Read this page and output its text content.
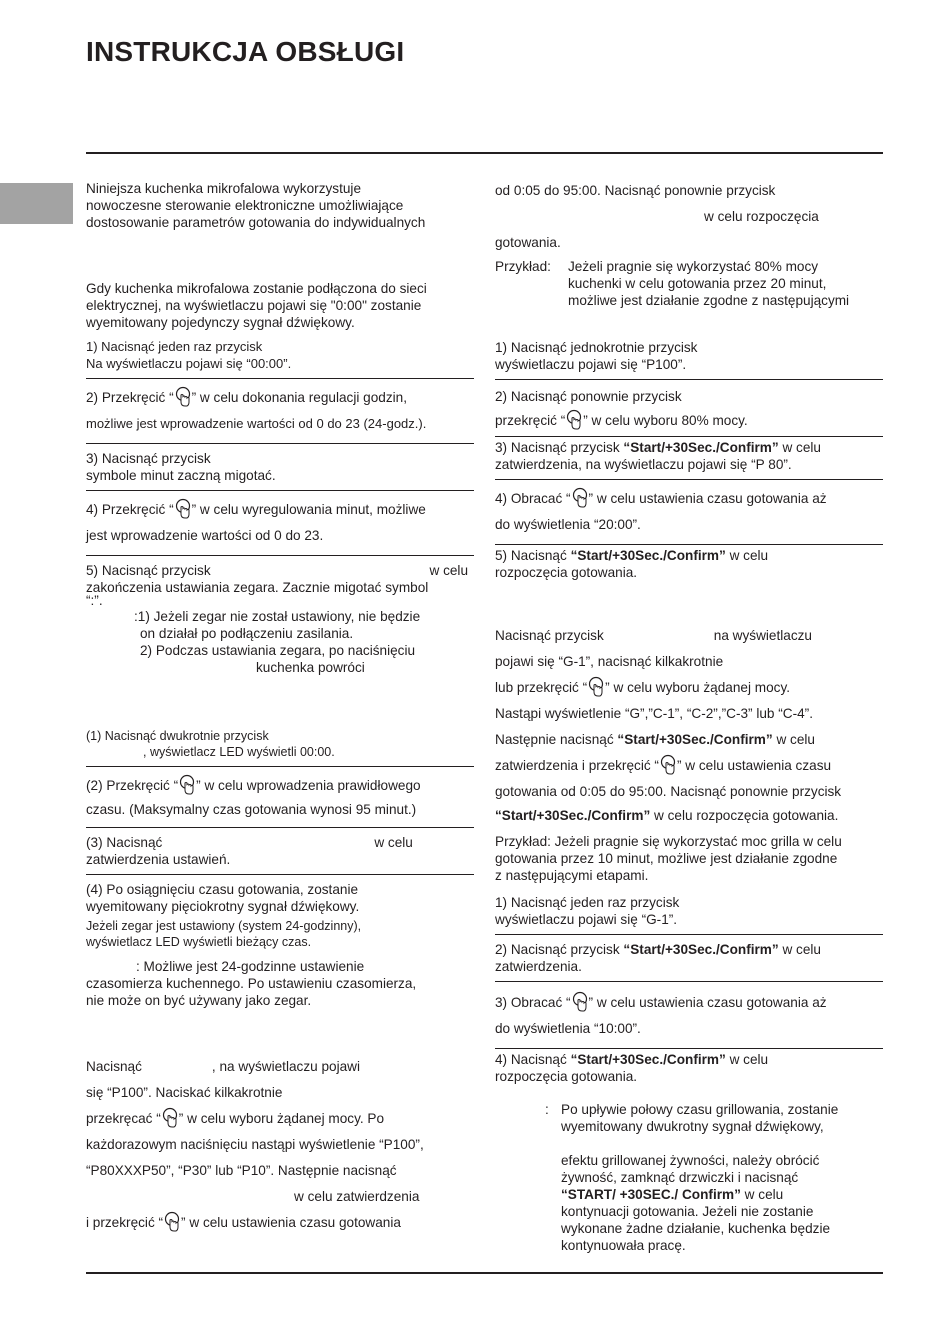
INSTRUKCJA OBSŁUGI

Niniejsza kuchenka mikrofalowa wykorzystuje
nowoczesne sterowanie elektroniczne umożliwiające
dostosowanie parametrów gotowania do indywidualnych

Gdy kuchenka mikrofalowa zostanie podłączona do sieci
elektrycznej, na wyświetlaczu pojawi się "0:00" zostanie
wyemitowany pojedynczy sygnał dźwiękowy.

1) Nacisnąć jeden raz przycisk
Na wyświetlaczu pojawi się “00:00”.
2) Przekręcić “ ” w celu dokonania regulacji godzin,
możliwe jest wprowadzenie wartości od 0 do 23 (24-godz.).
3) Nacisnąć przycisk
symbole minut zaczną migotać.
4) Przekręcić “ ” w celu wyregulowania minut, możliwe
jest wprowadzenie wartości od 0 do 23.
5) Nacisnąć przycisk	w celu
zakończenia ustawiania zegara. Zacznie migotać symbol
“:”.
:1) Jeżeli zegar nie został ustawiony, nie będzie
on działał po podłączeniu zasilania.
2) Podczas ustawiania zegara, po naciśnięciu
kuchenka powróci
(1) Nacisnąć dwukrotnie przycisk
, wyświetlacz LED wyświetli 00:00.
(2) Przekręcić “ ” w celu wprowadzenia prawidłowego
czasu. (Maksymalny czas gotowania wynosi 95 minut.)
(3) Nacisnąć	w celu
zatwierdzenia ustawień.
(4) Po osiągnięciu czasu gotowania, zostanie
wyemitowany pięciokrotny sygnał dźwiękowy.
Jeżeli zegar jest ustawiony (system 24-godzinny),
wyświetlacz LED wyświetli bieżący czas.
: Możliwe jest 24-godzinne ustawienie
czasomierza kuchennego. Po ustawieniu czasomierza,
nie może on być używany jako zegar.
Nacisnąć	, na wyświetlaczu pojawi
się “P100”. Naciskać kilkakrotnie
przekręcać “ ” w celu wyboru żądanej mocy. Po
każdorazowym naciśnięciu nastąpi wyświetlenie “P100”,
“P80XXXP50”, “P30” lub “P10”. Następnie nacisnąć
w celu zatwierdzenia
i przekręcić “ ” w celu ustawienia czasu gotowania
od 0:05 do 95:00. Nacisnąć ponownie przycisk
w celu rozpoczęcia
gotowania.
Przykład:	Jeżeli pragnie się wykorzystać 80% mocy
kuchenki w celu gotowania przez 20 minut,
możliwe jest działanie zgodne z następującymi
1) Nacisnąć jednokrotnie przycisk
wyświetlaczu pojawi się “P100”.
2) Nacisnąć ponownie przycisk
przekręcić “ ” w celu wyboru 80% mocy.
3) Nacisnąć przycisk “Start/+30Sec./Confirm” w celu
zatwierdzenia, na wyświetlaczu pojawi się “P 80”.
4) Obracać “ ” w celu ustawienia czasu gotowania aż
do wyświetlenia “20:00”.
5) Nacisnąć “Start/+30Sec./Confirm” w celu
rozpoczęcia gotowania.
Nacisnąć przycisk	na wyświetlaczu
pojawi się “G-1”, nacisnąć kilkakrotnie
lub przekręcić “ ” w celu wyboru żądanej mocy.
Nastąpi wyświetlenie “G”,”C-1”, “C-2”,”C-3” lub “C-4”.
Następnie nacisnąć “Start/+30Sec./Confirm” w celu
zatwierdzenia i przekręcić “ ” w celu ustawienia czasu
gotowania od 0:05 do 95:00. Nacisnąć ponownie przycisk
“Start/+30Sec./Confirm” w celu rozpoczęcia gotowania.
Przykład: Jeżeli pragnie się wykorzystać moc grilla w celu
gotowania przez 10 minut, możliwe jest działanie zgodne
z następującymi etapami.
1) Nacisnąć jeden raz przycisk
wyświetlaczu pojawi się “G-1”.
2) Nacisnąć przycisk “Start/+30Sec./Confirm” w celu
zatwierdzenia.
3) Obracać “ ” w celu ustawienia czasu gotowania aż
do wyświetlenia “10:00”.
4) Nacisnąć “Start/+30Sec./Confirm” w celu
rozpoczęcia gotowania.
: Po upływie połowy czasu grillowania, zostanie
wyemitowany dwukrotny sygnał dźwiękowy,
efektu grillowanej żywności, należy obrócić
żywność, zamknąć drzwiczki i nacisnąć
“START/ +30SEC./ Confirm” w celu
kontynuacji gotowania. Jeżeli nie zostanie
wykonane żadne działanie, kuchenka będzie
kontynuowała pracę.
